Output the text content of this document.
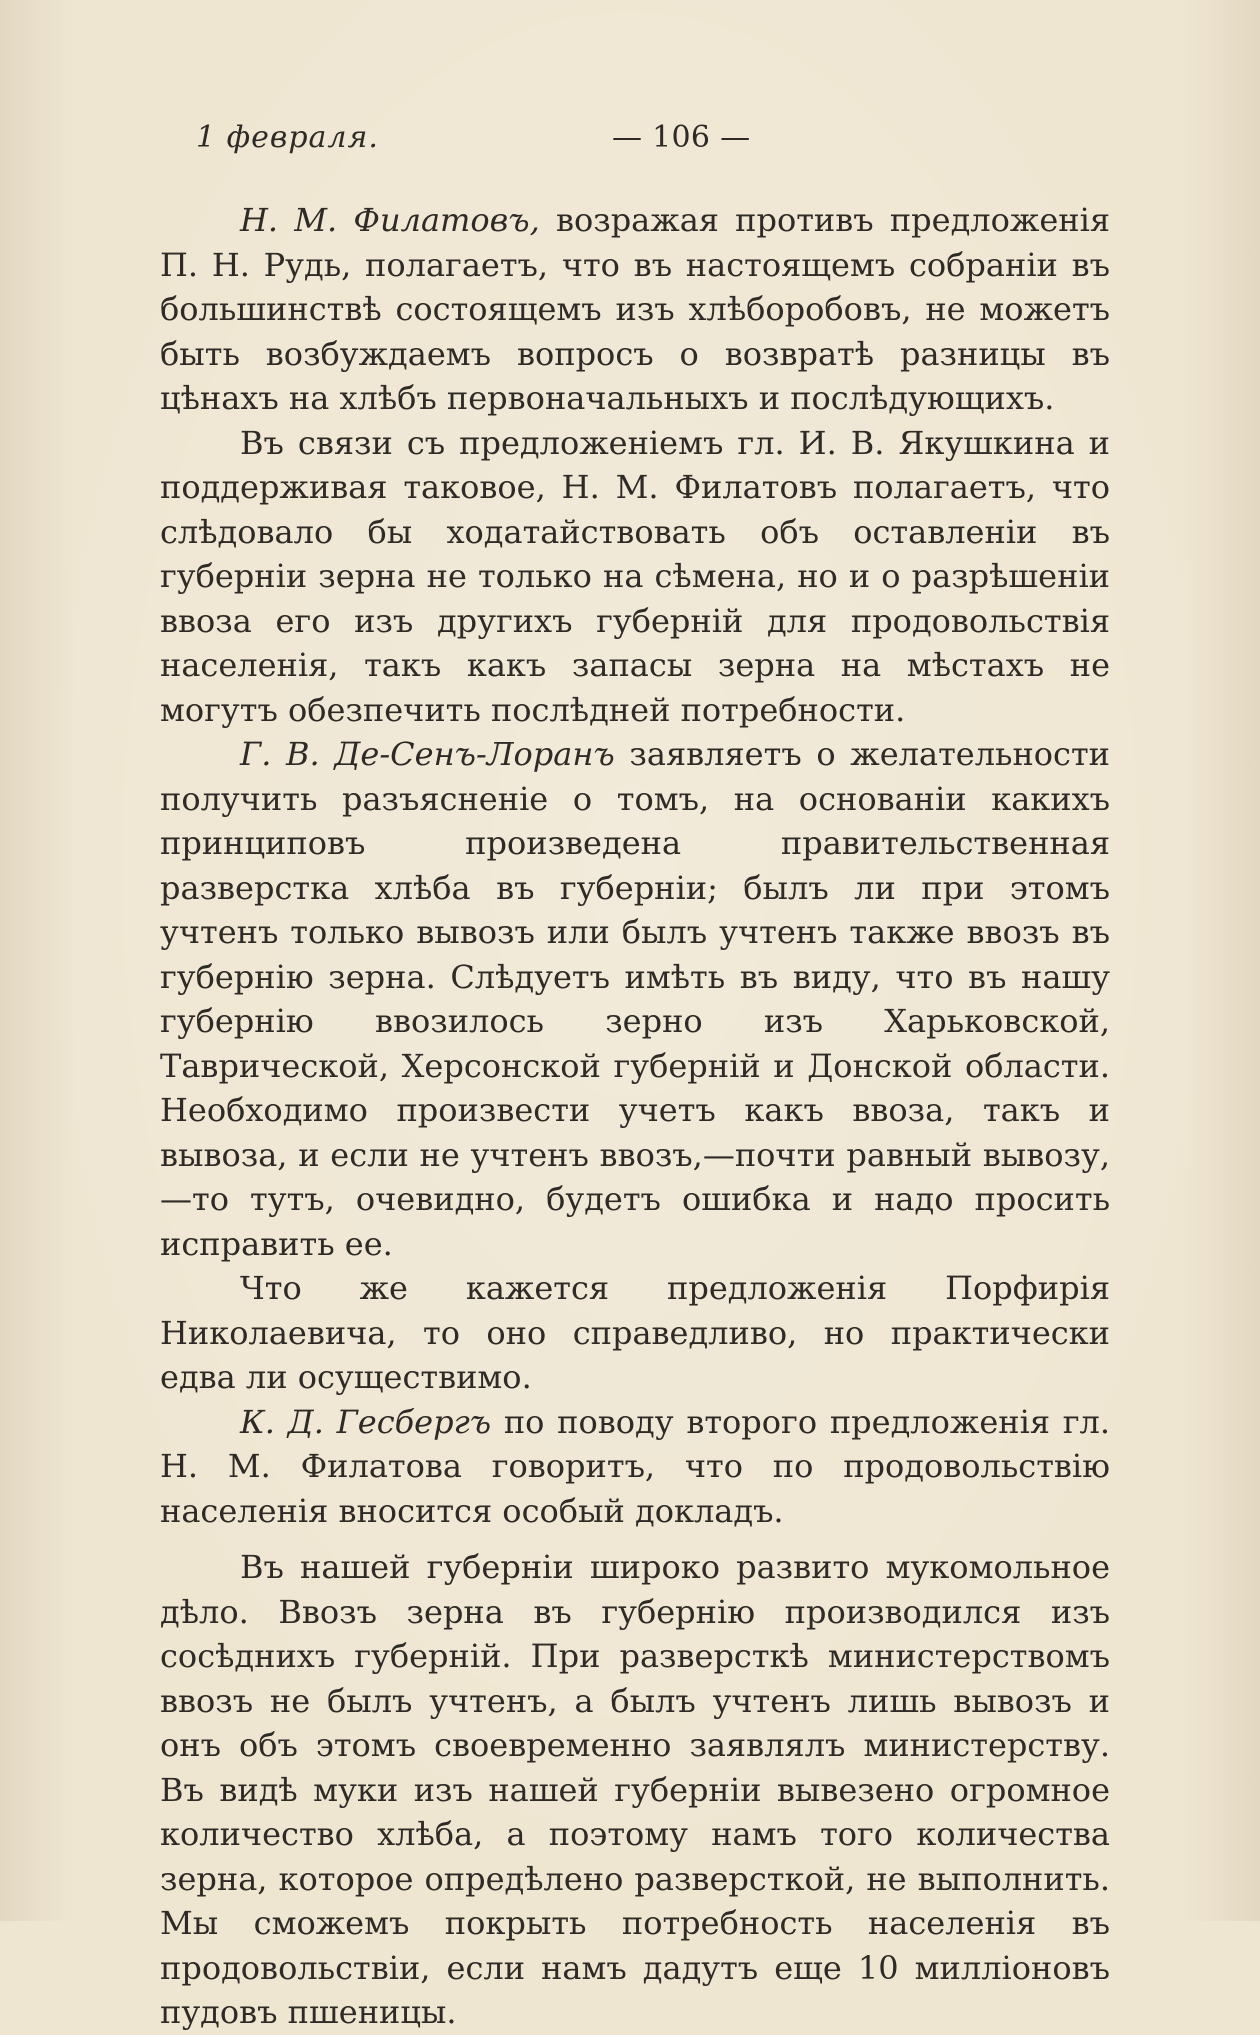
1 февраля.	— 106 —

Н. М. Филатовъ, возражая противъ предложенія П. Н. Рудь, полагаетъ, что въ настоящемъ собраніи въ большинствѣ состоящемъ изъ хлѣборобовъ, не можетъ быть возбуждаемъ вопросъ о возвратѣ разницы въ цѣнахъ на хлѣбъ первоначальныхъ и послѣдующихъ.

Въ связи съ предложеніемъ гл. И. В. Якушкина и поддерживая таковое, Н. М. Филатовъ полагаетъ, что слѣдовало бы ходатайствовать объ оставленіи въ губерніи зерна не только на сѣмена, но и о разрѣшеніи ввоза его изъ другихъ губерній для продовольствія населенія, такъ какъ запасы зерна на мѣстахъ не могутъ обезпечить послѣдней потребности.

Г. В. Де-Сенъ-Лоранъ заявляетъ о желательности получить разъясненіе о томъ, на основаніи какихъ принциповъ произведена правительственная разверстка хлѣба въ губерніи; былъ ли при этомъ учтенъ только вывозъ или былъ учтенъ также ввозъ въ губернію зерна. Слѣдуетъ имѣть въ виду, что въ нашу губернію ввозилось зерно изъ Харьковской, Таврической, Херсонской губерній и Донской области. Необходимо произвести учетъ какъ ввоза, такъ и вывоза, и если не учтенъ ввозъ,—почти равный вывозу,—то тутъ, очевидно, будетъ ошибка и надо просить исправить ее.

Что же кажется предложенія Порфирія Николаевича, то оно справедливо, но практически едва ли осуществимо.

К. Д. Гесбергъ по поводу второго предложенія гл. Н. М. Филатова говоритъ, что по продовольствію населенія вносится особый докладъ.

Въ нашей губерніи широко развито мукомольное дѣло. Ввозъ зерна въ губернію производился изъ сосѣднихъ губерній. При разверсткѣ министерствомъ ввозъ не былъ учтенъ, а былъ учтенъ лишь вывозъ и онъ объ этомъ своевременно заявлялъ министерству. Въ видѣ муки изъ нашей губерніи вывезено огромное количество хлѣба, а поэтому намъ того количества зерна, которое опредѣлено разверсткой, не выполнить. Мы сможемъ покрыть потребность населенія въ продовольствіи, если намъ дадутъ еще 10 милліоновъ пудовъ пшеницы.
